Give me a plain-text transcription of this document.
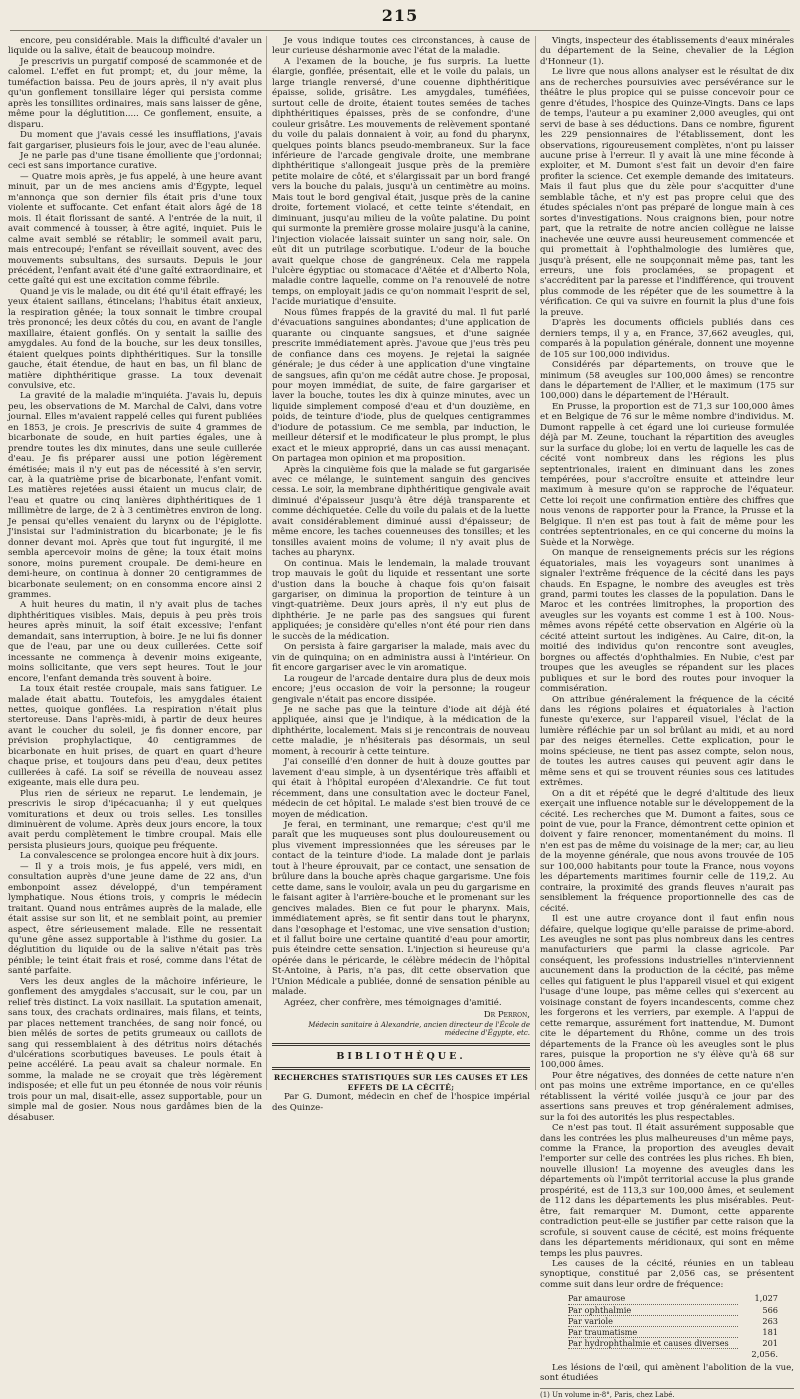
215

encore, peu considérable. Mais la difficulté d'avaler un liquide ou la salive, était de beaucoup moindre.

Je prescrivis un purgatif composé de scammonée et de calomel. L'effet en fut prompt; et, du jour même, la tuméfaction baissa. Peu de jours après, il n'y avait plus qu'un gonflement tonsillaire léger qui persista comme après les tonsillites ordinaires, mais sans laisser de gêne, même pour la déglutition..... Ce gonflement, ensuite, a disparu.

Du moment que j'avais cessé les insufflations, j'avais fait gargariser, plusieurs fois le jour, avec de l'eau alunée.

Je ne parle pas d'une tisane émolliente que j'ordonnai; ceci est sans importance curative.

— Quatre mois après, je fus appelé, à une heure avant minuit, par un de mes anciens amis d'Égypte, lequel m'annonça que son dernier fils était pris d'une toux violente et suffocante. Cet enfant était alors âgé de 18 mois. Il était florissant de santé. A l'entrée de la nuit, il avait commencé à tousser, à être agité, inquiet. Puis le calme avait semblé se rétablir; le sommeil avait paru, mais entrecoupé; l'enfant se réveillait souvent, avec des mouvements subsultans, des sursauts. Depuis le jour précédent, l'enfant avait été d'une gaîté extraordinaire, et cette gaîté qui est une excitation comme fébrile.

Quand je vis le malade, ou dit été qu'il était effrayé; les yeux étaient saillans, étincelans; l'habitus était anxieux, la respiration gênée; la toux sonnait le timbre croupal très prononcé; les deux côtés du cou, en avant de l'angle maxillaire, étaient gonflés. On y sentait la saillie des amygdales. Au fond de la bouche, sur les deux tonsilles, étaient quelques points diphthéritiques. Sur la tonsille gauche, était étendue, de haut en bas, un fil blanc de matière diphthéritique grasse. La toux devenait convulsive, etc.

La gravité de la maladie m'inquiéta. J'avais lu, depuis peu, les observations de M. Marchal de Calvi, dans votre journal. Elles m'avaient rappelé celles qui furent publiées en 1853, je crois. Je prescrivis de suite 4 grammes de bicarbonate de soude, en huit parties égales, une à prendre toutes les dix minutes, dans une seule cuillerée d'eau. Je fis préparer aussi une potion légèrement émétisée; mais il n'y eut pas de nécessité à s'en servir, car, à la quatrième prise de bicarbonate, l'enfant vomit. Les matières rejetées aussi étaient un mucus clair, de l'eau et quatre ou cinq lanières diphthéritiques de 1 millimètre de large, de 2 à 3 centimètres environ de long. Je pensai qu'elles venaient du larynx ou de l'épiglotte. J'insistai sur l'administration du bicarbonate; je le fis donner devant moi. Après que tout fut ingurgité, il me sembla apercevoir moins de gêne; la toux était moins sonore, moins purement croupale. De demi-heure en demi-heure, on continua à donner 20 centigrammes de bicarbonate seulement; on en consomma encore ainsi 2 grammes.

A huit heures du matin, il n'y avait plus de taches diphthéritiques visibles. Mais, depuis à peu près trois heures après minuit, la soif était excessive; l'enfant demandait, sans interruption, à boire. Je ne lui fis donner que de l'eau, par une ou deux cuillerées. Cette soif incessante ne commença à devenir moins exigeante, moins sollicitante, que vers sept heures. Tout le jour encore, l'enfant demanda très souvent à boire.

La toux était restée croupale, mais sans fatiguer. Le malade était abattu. Toutefois, les amygdales étaient nettes, quoique gonflées. La respiration n'était plus stertoreuse. Dans l'après-midi, à partir de deux heures avant le coucher du soleil, je fis donner encore, par prévision prophylactique, 40 centigrammes de bicarbonate en huit prises, de quart en quart d'heure chaque prise, et toujours dans peu d'eau, deux petites cuillerées à café. La soif se réveilla de nouveau assez exigeante, mais elle dura peu.

Plus rien de sérieux ne reparut. Le lendemain, je prescrivis le sirop d'ipécacuanha; il y eut quelques vomiturations et deux ou trois selles. Les tonsilles diminuèrent de volume. Après deux jours encore, la toux avait perdu complètement le timbre croupal. Mais elle persista plusieurs jours, quoique peu fréquente.

La convalescence se prolongea encore huit à dix jours.

— Il y a trois mois, je fus appelé, vers midi, en consultation auprès d'une jeune dame de 22 ans, d'un embonpoint assez développé, d'un tempérament lymphatique. Nous étions trois, y compris le médecin traitant. Quand nous entrâmes auprès de la malade, elle était assise sur son lit, et ne semblait point, au premier aspect, être sérieusement malade. Elle ne ressentait qu'une gêne assez supportable à l'isthme du gosier. La déglutition du liquide ou de la salive n'était pas très pénible; le teint était frais et rosé, comme dans l'état de santé parfaite.

Vers les deux angles de la mâchoire inférieure, le gonflement des amygdales s'accusait, sur le cou, par un relief très distinct. La voix nasillait. La sputation amenait, sans toux, des crachats ordinaires, mais filans, et teints, par places nettement tranchées, de sang noir foncé, ou bien mêlés de sortes de petits grumeaux ou caillots de sang qui ressemblaient à des détritus noirs détachés d'ulcérations scorbutiques baveuses. Le pouls était à peine accéléré. La peau avait sa chaleur normale. En somme, la malade ne se croyait que très légèrement indisposée; et elle fut un peu étonnée de nous voir réunis trois pour un mal, disait-elle, assez supportable, pour un simple mal de gosier. Nous nous gardâmes bien de la désabuser.

Je vous indique toutes ces circonstances, à cause de leur curieuse désharmonie avec l'état de la maladie.

A l'examen de la bouche, je fus surpris. La luette élargie, gonflée, présentait, elle et le voile du palais, un large triangle renversé, d'une couenne diphthéritique épaisse, solide, grisâtre. Les amygdales, tuméfiées, surtout celle de droite, étaient toutes semées de taches diphthéritiques épaisses, près de se confondre, d'une couleur grisâtre. Les mouvements de relèvement spontané du voile du palais donnaient à voir, au fond du pharynx, quelques points blancs pseudo-membraneux. Sur la face inférieure de l'arcade gengivale droite, une membrane diphthéritique s'allongeait jusque près de la première petite molaire de côté, et s'élargissait par un bord frangé vers la bouche du palais, jusqu'à un centimètre au moins. Mais tout le bord gengival était, jusque près de la canine droite, fortement violacé, et cette teinte s'étendait, en diminuant, jusqu'au milieu de la voûte palatine. Du point qui surmonte la première grosse molaire jusqu'à la canine, l'injection violacée laissait suinter un sang noir, sale. On eût dit un putrilage scorbutique. L'odeur de la bouche avait quelque chose de gangréneux. Cela me rappela l'ulcère égyptiac ou stomacace d'Aëtée et d'Alberto Nola, maladie contre laquelle, comme on l'a renouvelé de notre temps, on employait jadis ce qu'on nommait l'esprit de sel, l'acide muriatique d'ensuite.

Nous fûmes frappés de la gravité du mal. Il fut parlé d'évacuations sanguines abondantes; d'une application de quarante ou cinquante sangsues, et d'une saignée prescrite immédiatement après. J'avoue que j'eus très peu de confiance dans ces moyens. Je rejetai la saignée générale; je dus céder à une application d'une vingtaine de sangsues, afin qu'on me cédât autre chose. Je proposai, pour moyen immédiat, de suite, de faire gargariser et laver la bouche, toutes les dix à quinze minutes, avec un liquide simplement composé d'eau et d'un douzième, en poids, de teinture d'iode, plus de quelques centigrammes d'iodure de potassium. Ce me sembla, par induction, le meilleur détersif et le modificateur le plus prompt, le plus exact et le mieux approprié, dans un cas aussi menaçant. On partagea mon opinion et ma proposition.

Après la cinquième fois que la malade se fut gargarisée avec ce mélange, le suintement sanguin des gencives cessa. Le soir, la membrane diphthéritique gengivale avait diminué d'épaisseur jusqu'à être déjà transparente et comme déchiquetée. Celle du voile du palais et de la luette avait considérablement diminué aussi d'épaisseur; de même encore, les taches couenneuses des tonsilles; et les tonsilles avaient moins de volume; il n'y avait plus de taches au pharynx.

On continua. Mais le lendemain, la malade trouvant trop mauvais le goût du liquide et ressentant une sorte d'ustion dans la bouche à chaque fois qu'on faisait gargariser, on diminua la proportion de teinture à un vingt-quatrième. Deux jours après, il n'y eut plus de diphthérie. Je ne parle pas des sangsues qui furent appliquées; je considère qu'elles n'ont été pour rien dans le succès de la médication.

On persista à faire gargariser la malade, mais avec du vin de quinquina; on en administra aussi à l'intérieur. On fit encore gargariser avec le vin aromatique.

La rougeur de l'arcade dentaire dura plus de deux mois encore; j'eus occasion de voir la personne; la rougeur gengivale n'était pas encore dissipée.

Je ne sache pas que la teinture d'iode ait déjà été appliquée, ainsi que je l'indique, à la médication de la diphthérite, localement. Mais si je rencontrais de nouveau cette maladie, je n'hésiterais pas désormais, un seul moment, à recourir à cette teinture.

J'ai conseillé d'en donner de huit à douze gouttes par lavement d'eau simple, à un dysentérique très affaibli et qui était à l'hôpital européen d'Alexandrie. Ce fut tout récemment, dans une consultation avec le docteur Fanel, médecin de cet hôpital. Le malade s'est bien trouvé de ce moyen de médication.

Je ferai, en terminant, une remarque; c'est qu'il me paraît que les muqueuses sont plus douloureusement ou plus vivement impressionnées que les séreuses par le contact de la teinture d'iode. La malade dont je parlais tout à l'heure éprouvait, par ce contact, une sensation de brûlure dans la bouche après chaque gargarisme. Une fois cette dame, sans le vouloir, avala un peu du gargarisme en le faisant agiter à l'arrière-bouche et le promenant sur les gencives malades. Bien ce fut pour le pharynx. Mais, immédiatement après, se fit sentir dans tout le pharynx, dans l'œsophage et l'estomac, une vive sensation d'ustion; et il fallut boire une certaine quantité d'eau pour amortir, puis éteindre cette sensation. L'injection si heureuse qu'a opérée dans le péricarde, le célèbre médecin de l'hôpital St-Antoine, à Paris, n'a pas, dit cette observation que l'Union Médicale a publiée, donné de sensation pénible au malade.

Agréez, cher confrère, mes témoignages d'amitié.

Dr Perron,
Médecin sanitaire à Alexandrie, ancien directeur de l'École de médecine d'Égypte, etc.
BIBLIOTHÈQUE.
RECHERCHES STATISTIQUES SUR LES CAUSES ET LES EFFETS DE LA CÉCITÉ;

Par G. Dumont, médecin en chef de l'hospice impérial des Quinze-

Vingts, inspecteur des établissements d'eaux minérales du département de la Seine, chevalier de la Légion d'Honneur (1).

Le livre que nous allons analyser est le résultat de dix ans de recherches poursuivies avec persévérance sur le théâtre le plus propice qui se puisse concevoir pour ce genre d'études, l'hospice des Quinze-Vingts. Dans ce laps de temps, l'auteur a pu examiner 2,000 aveugles, qui ont servi de base à ses déductions. Dans ce nombre, figurent les 229 pensionnaires de l'établissement, dont les observations, rigoureusement complètes, n'ont pu laisser aucune prise à l'erreur. Il y avait là une mine féconde à exploiter, et M. Dumont s'est fait un devoir d'en faire profiter la science. Cet exemple demande des imitateurs. Mais il faut plus que du zèle pour s'acquitter d'une semblable tâche, et n'y est pas propre celui que des études spéciales n'ont pas préparé de longue main à ces sortes d'investigations. Nous craignons bien, pour notre part, que la retraite de notre ancien collègue ne laisse inachevée une œuvre aussi heureusement commencée et qui promettait à l'ophthalmologie des lumières que, jusqu'à présent, elle ne soupçonnait même pas, tant les erreurs, une fois proclamées, se propagent et s'accréditent par la paresse et l'indifférence, qui trouvent plus commode de les répéter que de les soumettre à la vérification. Ce qui va suivre en fournit la plus d'une fois la preuve.

D'après les documents officiels publiés dans ces derniers temps, il y a, en France, 37,662 aveugles, qui, comparés à la population générale, donnent une moyenne de 105 sur 100,000 individus.

Considérés par départements, on trouve que le minimum (58 aveugles sur 100,000 âmes) se rencontre dans le département de l'Allier, et le maximum (175 sur 100,000) dans le département de l'Hérault.

En Prusse, la proportion est de 71,3 sur 100,000 âmes et en Belgique de 76 sur le même nombre d'individus. M. Dumont rappelle à cet égard une loi curieuse formulée déjà par M. Zeune, touchant la répartition des aveugles sur la surface du globe; loi en vertu de laquelle les cas de cécité vont nombreux dans les régions les plus septentrionales, iraient en diminuant dans les zones tempérées, pour s'accroître ensuite et atteindre leur maximum à mesure qu'on se rapproche de l'équateur. Cette loi reçoit une confirmation entière des chiffres que nous venons de rapporter pour la France, la Prusse et la Belgique. Il n'en est pas tout à fait de même pour les contrées septentrionales, en ce qui concerne du moins la Suède et la Norwège.

On manque de renseignements précis sur les régions équatoriales, mais les voyageurs sont unanimes à signaler l'extrême fréquence de la cécité dans les pays chauds. En Espagne, le nombre des aveugles est très grand, parmi toutes les classes de la population. Dans le Maroc et les contrées limitrophes, la proportion des aveugles sur les voyants est comme 1 est à 100. Nous-mêmes avons répété cette observation en Algérie où la cécité atteint surtout les indigènes. Au Caire, dit-on, la moitié des individus qu'on rencontre sont aveugles, borgnes ou affectés d'ophthalmies. En Nubie, c'est par troupes que les aveugles se répandent sur les places publiques et sur le bord des routes pour invoquer la commisération.

On attribue généralement la fréquence de la cécité dans les régions polaires et équatoriales à l'action funeste qu'exerce, sur l'appareil visuel, l'éclat de la lumière réfléchie par un sol brûlant au midi, et au nord par des neiges éternelles. Cette explication, pour le moins spécieuse, ne tient pas assez compte, selon nous, de toutes les autres causes qui peuvent agir dans le même sens et qui se trouvent réunies sous ces latitudes extrêmes.

On a dit et répété que le degré d'altitude des lieux exerçait une influence notable sur le développement de la cécité. Les recherches que M. Dumont a faites, sous ce point de vue, pour la France, démontrent cette opinion et doivent y faire renoncer, momentanément du moins. Il n'en est pas de même du voisinage de la mer; car, au lieu de la moyenne générale, que nous avons trouvée de 105 sur 100,000 habitants pour toute la France, nous voyons les départements maritimes fournir celle de 119,2. Au contraire, la proximité des grands fleuves n'aurait pas sensiblement la fréquence proportionnelle des cas de cécité.

Il est une autre croyance dont il faut enfin nous défaire, quelque logique qu'elle paraisse de prime-abord. Les aveugles ne sont pas plus nombreux dans les centres manufacturiers que parmi la classe agricole. Par conséquent, les professions industrielles n'interviennent aucunement dans la production de la cécité, pas même celles qui fatiguent le plus l'appareil visuel et qui exigent l'usage d'une loupe, pas même celles qui s'exercent au voisinage constant de foyers incandescents, comme chez les forgerons et les verriers, par exemple. A l'appui de cette remarque, assurément fort inattendue, M. Dumont cite le département du Rhône, comme un des trois départements de la France où les aveugles sont le plus rares, puisque la proportion ne s'y élève qu'à 68 sur 100,000 âmes.

Pour être négatives, des données de cette nature n'en ont pas moins une extrême importance, en ce qu'elles rétablissent la vérité voilée jusqu'à ce jour par des assertions sans preuves et trop généralement admises, sur la foi des autorités les plus respectables.

Ce n'est pas tout. Il était assurément supposable que dans les contrées les plus malheureuses d'un même pays, comme la France, la proportion des aveugles devait l'emporter sur celle des contrées les plus riches. Eh bien, nouvelle illusion! La moyenne des aveugles dans les départements où l'impôt territorial accuse la plus grande prospérité, est de 113,3 sur 100,000 âmes, et seulement de 112 dans les départements les plus misérables. Peut-être, fait remarquer M. Dumont, cette apparente contradiction peut-elle se justifier par cette raison que la scrofule, si souvent cause de cécité, est moins fréquente dans les départements méridionaux, qui sont en même temps les plus pauvres.

Les causes de la cécité, réunies en un tableau synoptique, constitué par 2,056 cas, se présentent comme suit dans leur ordre de fréquence:

Par amaurose	1,027
Par ophthalmie	566
Par variole	263
Par traumatisme	181
Par hydrophthalmie et causes diverses	201
2,056.

Les lésions de l'œil, qui amènent l'abolition de la vue, sont étudiées

(1) Un volume in-8°, Paris, chez Labé.
